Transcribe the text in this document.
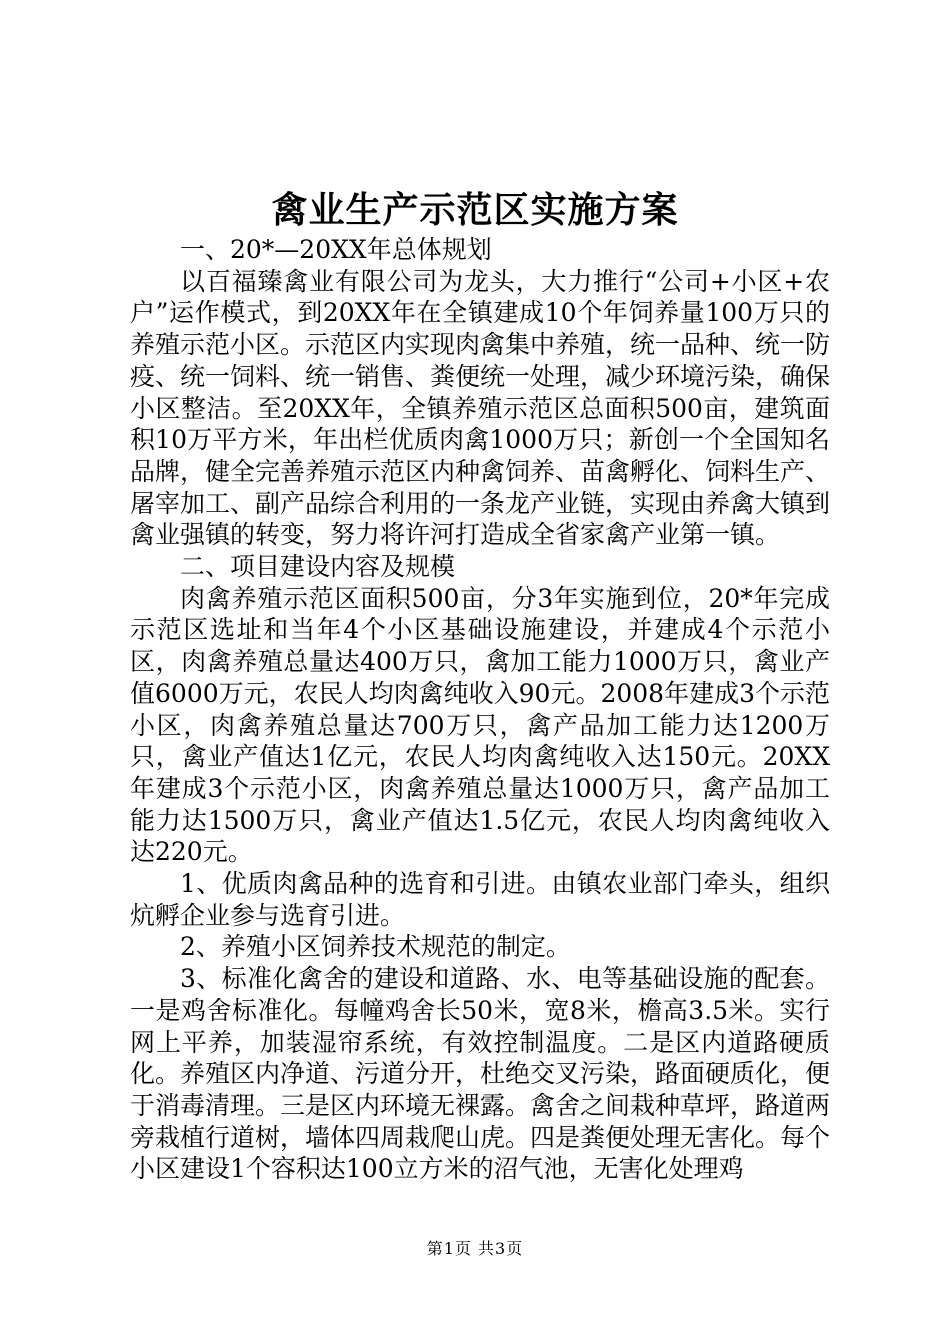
禽业生产示范区实施方案

一、20*—20XX年总体规划

以百福臻禽业有限公司为龙头，大力推行“公司+小区+农户”运作模式，到20XX年在全镇建成10个年饲养量100万只的养殖示范小区。示范区内实现肉禽集中养殖，统一品种、统一防疫、统一饲料、统一销售、粪便统一处理，减少环境污染，确保小区整洁。至20XX年，全镇养殖示范区总面积500亩，建筑面积10万平方米，年出栏优质肉禽1000万只；新创一个全国知名品牌，健全完善养殖示范区内种禽饲养、苗禽孵化、饲料生产、屠宰加工、副产品综合利用的一条龙产业链，实现由养禽大镇到禽业强镇的转变，努力将许河打造成全省家禽产业第一镇。

二、项目建设内容及规模

肉禽养殖示范区面积500亩，分3年实施到位，20*年完成示范区选址和当年4个小区基础设施建设，并建成4个示范小区，肉禽养殖总量达400万只，禽加工能力1000万只，禽业产值6000万元，农民人均肉禽纯收入90元。2008年建成3个示范小区，肉禽养殖总量达700万只，禽产品加工能力达1200万只，禽业产值达1亿元，农民人均肉禽纯收入达150元。20XX年建成3个示范小区，肉禽养殖总量达1000万只，禽产品加工能力达1500万只，禽业产值达1.5亿元，农民人均肉禽纯收入达220元。

1、优质肉禽品种的选育和引进。由镇农业部门牵头，组织炕孵企业参与选育引进。

2、养殖小区饲养技术规范的制定。

3、标准化禽舍的建设和道路、水、电等基础设施的配套。一是鸡舍标准化。每幢鸡舍长50米，宽8米，檐高3.5米。实行网上平养，加装湿帘系统，有效控制温度。二是区内道路硬质化。养殖区内净道、污道分开，杜绝交叉污染，路面硬质化，便于消毒清理。三是区内环境无裸露。禽舍之间栽种草坪，路道两旁栽植行道树，墙体四周栽爬山虎。四是粪便处理无害化。每个小区建设1个容积达100立方米的沼气池，无害化处理鸡

第1页 共3页
